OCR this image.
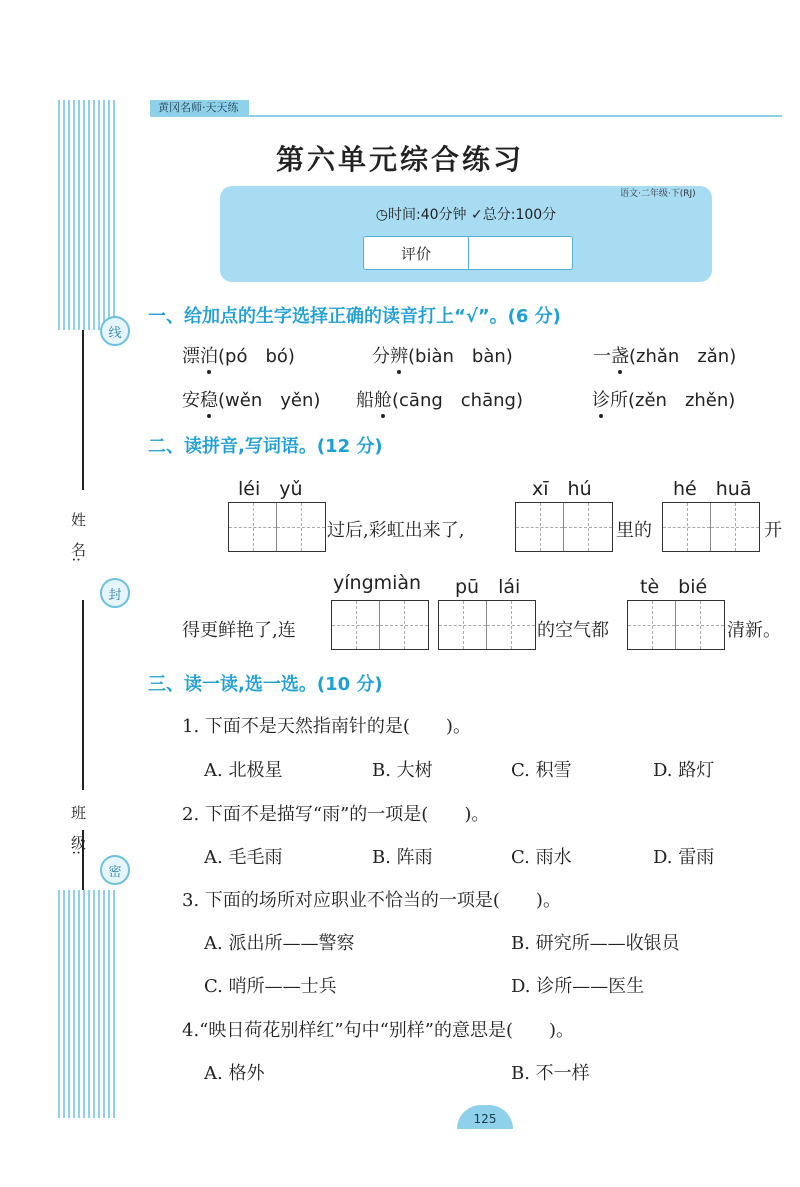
姓　名:
班　级:
线
封
密
黄冈名师·天天练
第六单元综合练习
语文·二年级·下(RJ)
◷时间:40分钟 ✓总分:100分
评价
一、给加点的生字选择正确的读音打上“√”。(6 分)
漂泊(pó　bó)	分辨(biàn　bàn)	一盏(zhǎn　zǎn)
安稳(wěn　yěn) 船舱(cāng　chāng)	诊所(zěn　zhěn)
二、读拼音,写词语。(12 分)
léi　yǔ	xī　hú	hé　huā
过后,彩虹出来了,	里的	开
yíngmiàn pū　lái	tè　bié
得更鲜艳了,连	的空气都	清新。
三、读一读,选一选。(10 分)
1. 下面不是天然指南针的是(　　)。
A. 北极星	B. 大树	C. 积雪	D. 路灯
2. 下面不是描写“雨”的一项是(　　)。
A. 毛毛雨	B. 阵雨	C. 雨水	D. 雷雨
3. 下面的场所对应职业不恰当的一项是(　　)。
A. 派出所——警察	B. 研究所——收银员
C. 哨所——士兵	D. 诊所——医生
4.“映日荷花别样红”句中“别样”的意思是(　　)。
A. 格外	B. 不一样
125
